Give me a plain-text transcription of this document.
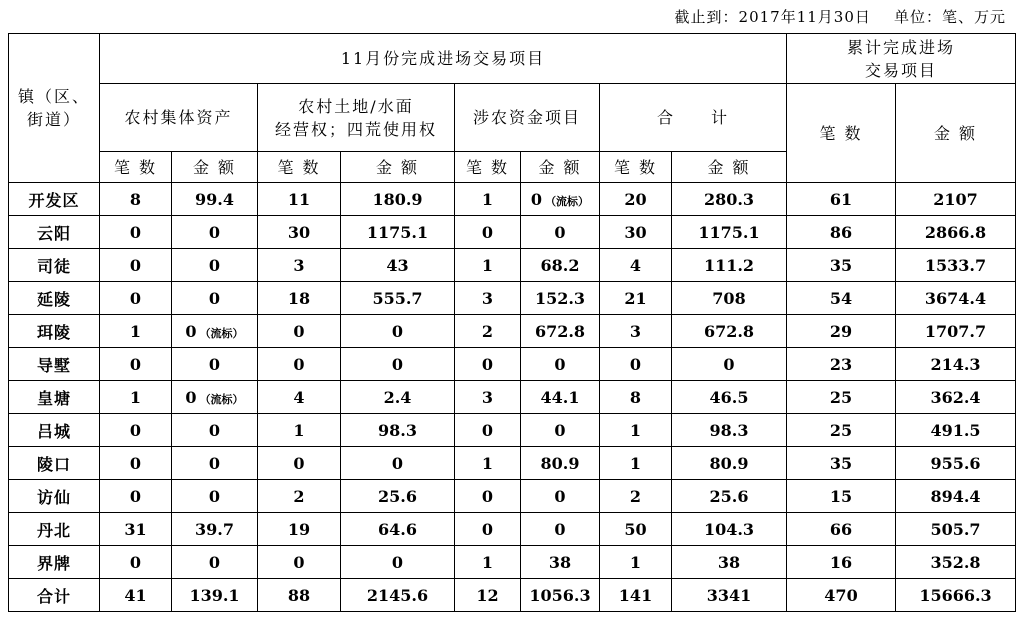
截止到：2017年11月30日 单位：笔、万元
镇（区、
街道）	11月份完成进场交易项目								累计完成进场
交易项目	
	农村集体资产		农村土地/水面
经营权；四荒使用权		涉农资金项目		合　　计		笔 数	金 额
	笔 数	金 额	笔 数	金 额	笔 数	金 额	笔 数	金 额		
开发区	8	99.4	11	180.9	1	0 （流标）	20	280.3	61	2107
云阳	0	0	30	1175.1	0	0	30	1175.1	86	2866.8
司徒	0	0	3	43	1	68.2	4	111.2	35	1533.7
延陵	0	0	18	555.7	3	152.3	21	708	54	3674.4
珥陵	1	0 （流标）	0	0	2	672.8	3	672.8	29	1707.7
导墅	0	0	0	0	0	0	0	0	23	214.3
皇塘	1	0 （流标）	4	2.4	3	44.1	8	46.5	25	362.4
吕城	0	0	1	98.3	0	0	1	98.3	25	491.5
陵口	0	0	0	0	1	80.9	1	80.9	35	955.6
访仙	0	0	2	25.6	0	0	2	25.6	15	894.4
丹北	31	39.7	19	64.6	0	0	50	104.3	66	505.7
界牌	0	0	0	0	1	38	1	38	16	352.8
合计	41	139.1	88	2145.6	12	1056.3	141	3341	470	15666.3
